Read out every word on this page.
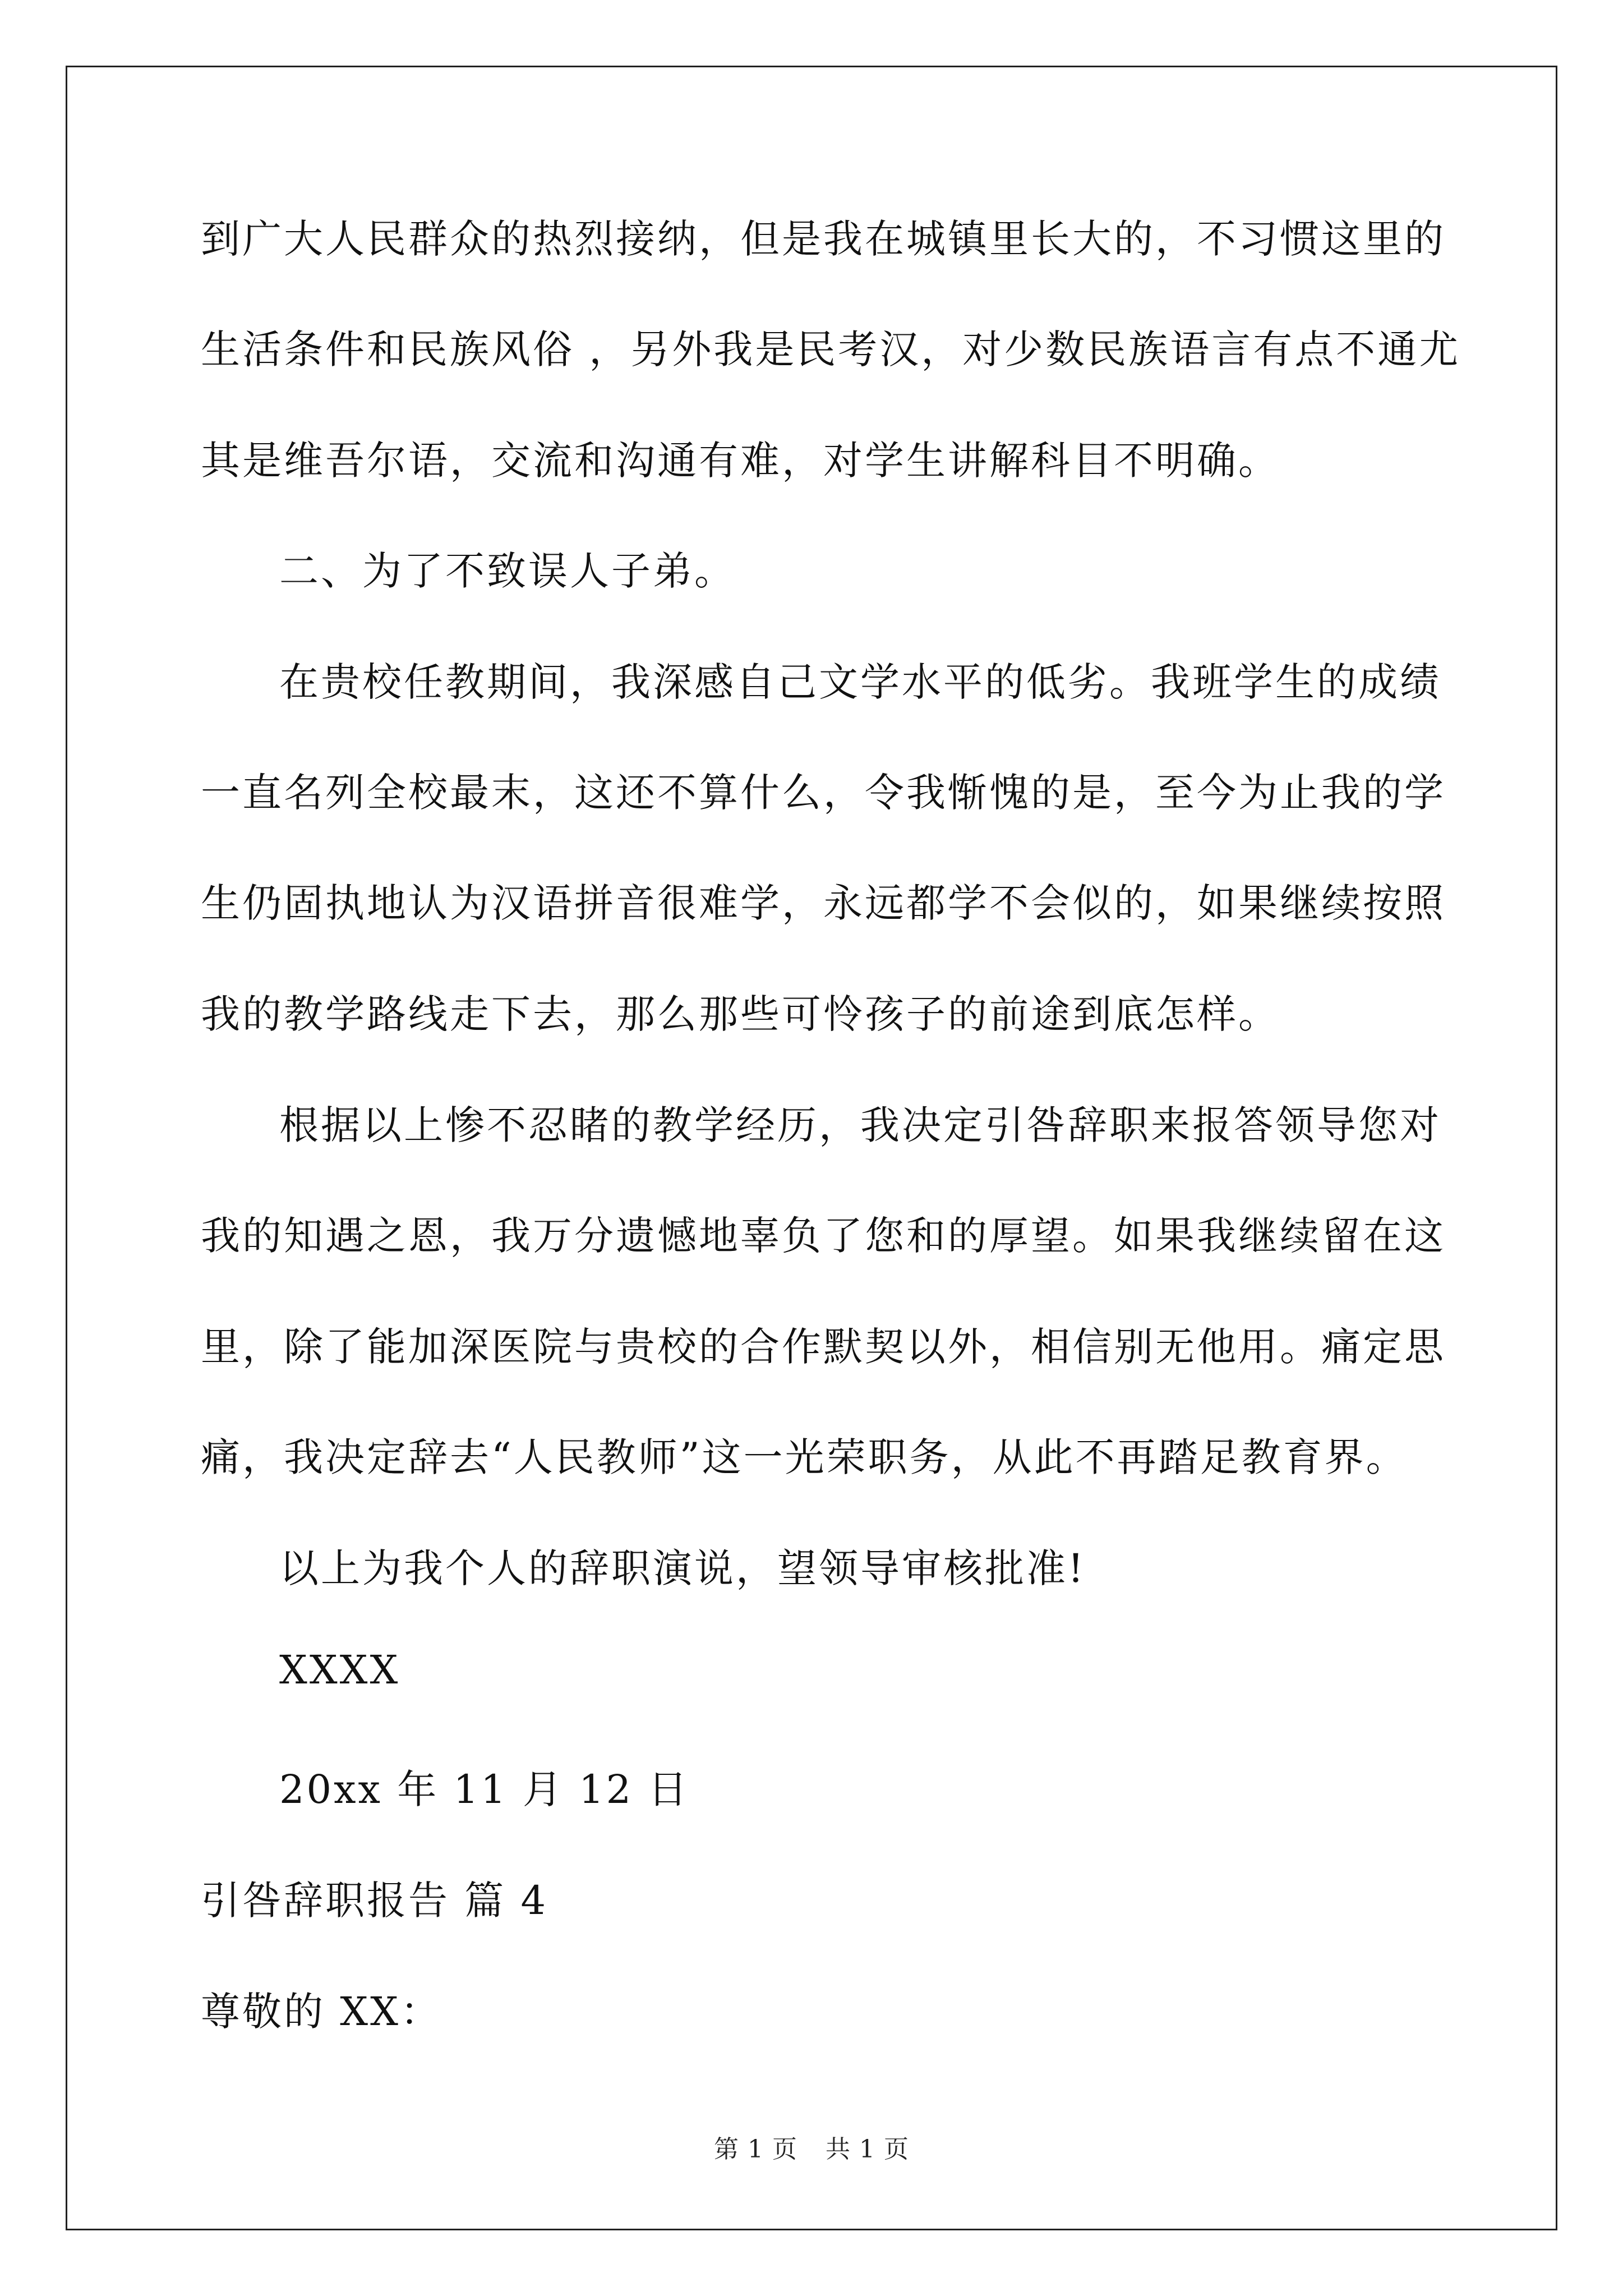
到广大人民群众的热烈接纳，但是我在城镇里长大的，不习惯这里的
生活条件和民族风俗 ，另外我是民考汉，对少数民族语言有点不通尤
其是维吾尔语，交流和沟通有难，对学生讲解科目不明确。
二、为了不致误人子弟。
在贵校任教期间，我深感自己文学水平的低劣。我班学生的成绩
一直名列全校最末，这还不算什么，令我惭愧的是，至今为止我的学
生仍固执地认为汉语拼音很难学，永远都学不会似的，如果继续按照
我的教学路线走下去，那么那些可怜孩子的前途到底怎样。
根据以上惨不忍睹的教学经历，我决定引咎辞职来报答领导您对
我的知遇之恩，我万分遗憾地辜负了您和的厚望。如果我继续留在这
里，除了能加深医院与贵校的合作默契以外，相信别无他用。痛定思
痛，我决定辞去“人民教师”这一光荣职务，从此不再踏足教育界。
以上为我个人的辞职演说，望领导审核批准!
XXXX
20xx 年 11 月 12 日
引咎辞职报告 篇 4
尊敬的 XX：
第 1 页 共 1 页
